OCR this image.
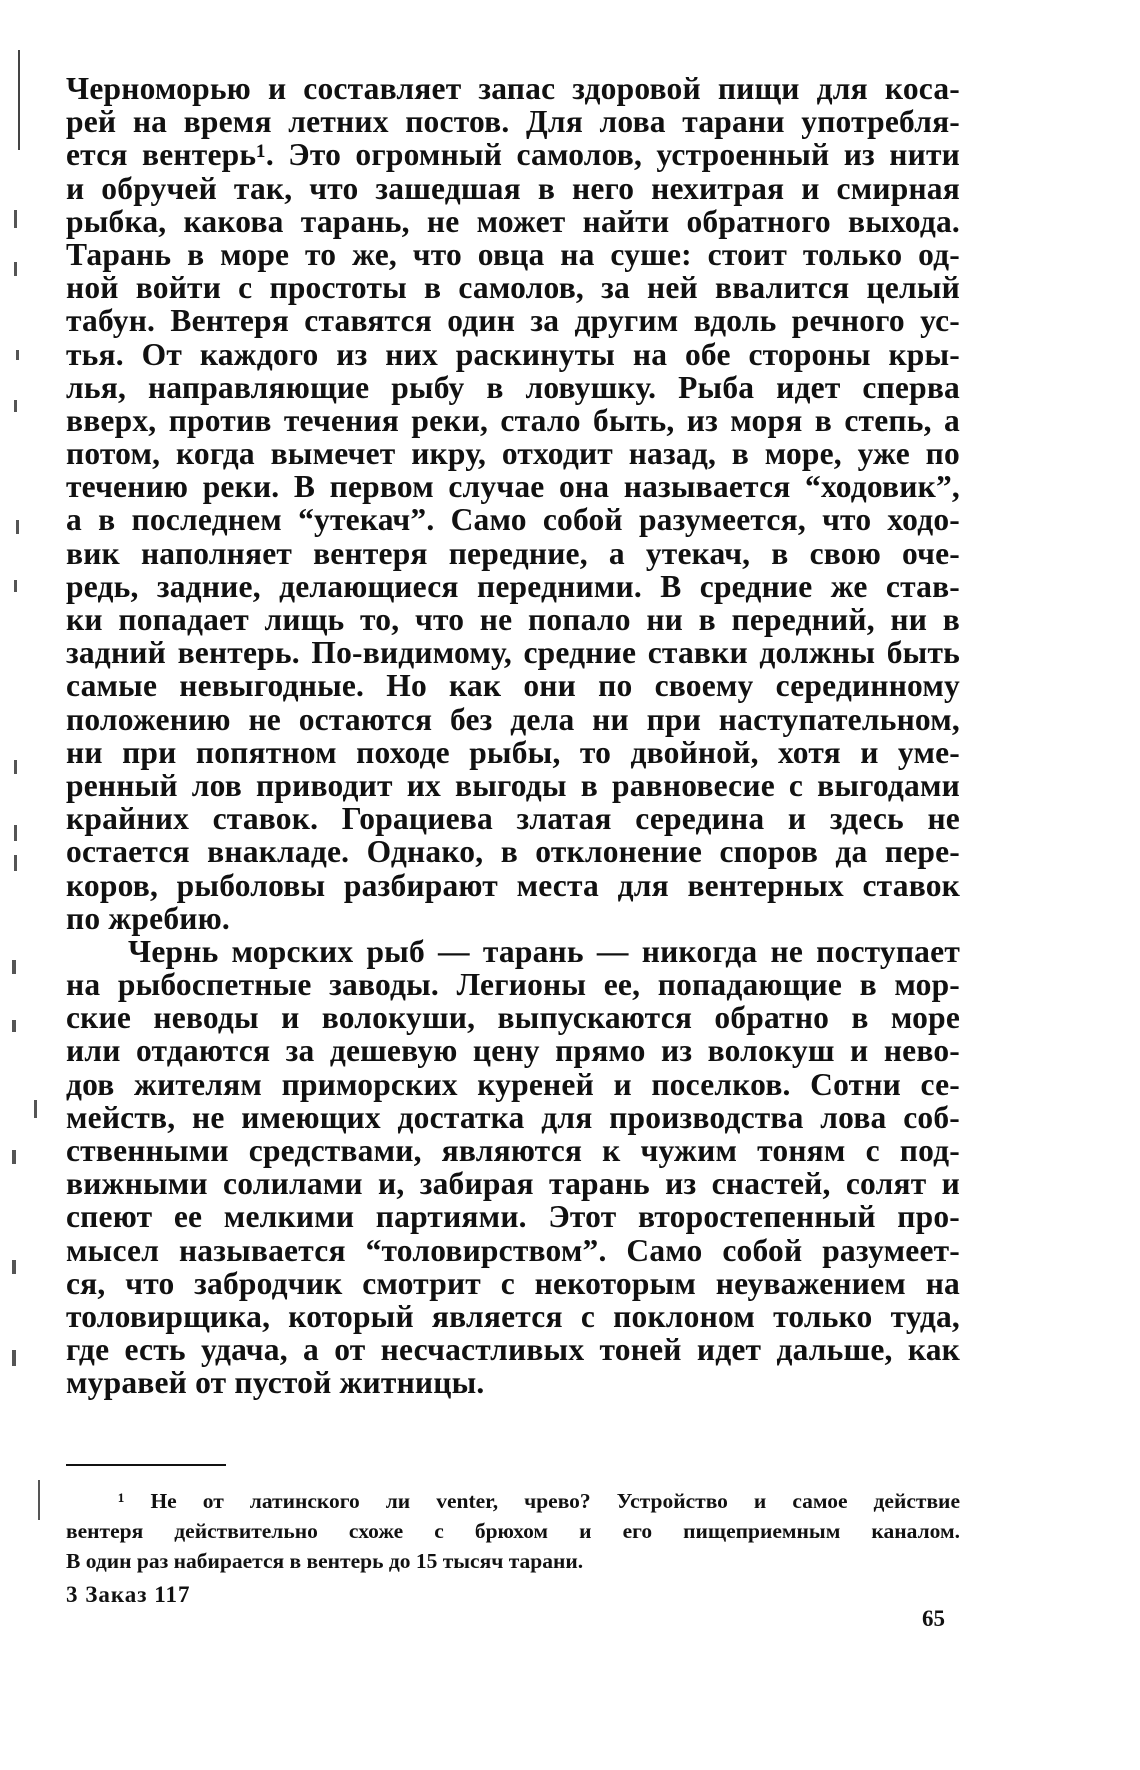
Черноморью и составляет запас здоровой пищи для коса-
рей на время летних постов. Для лова тарани употребля-
ется вентерь¹. Это огромный самолов, устроенный из нити
и обручей так, что зашедшая в него нехитрая и смирная
рыбка, какова тарань, не может найти обратного выхода.
Тарань в море то же, что овца на суше: стоит только од-
ной войти с простоты в самолов, за ней ввалится целый
табун. Вентеря ставятся один за другим вдоль речного ус-
тья. От каждого из них раскинуты на обе стороны кры-
лья, направляющие рыбу в ловушку. Рыба идет сперва
вверх, против течения реки, стало быть, из моря в степь, а
потом, когда вымечет икру, отходит назад, в море, уже по
течению реки. В первом случае она называется “ходовик”,
а в последнем “утекач”. Само собой разумеется, что ходо-
вик наполняет вентеря передние, а утекач, в свою оче-
редь, задние, делающиеся передними. В средние же став-
ки попадает лищь то, что не попало ни в передний, ни в
задний вентерь. По-видимому, средние ставки должны быть
самые невыгодные. Но как они по своему серединному
положению не остаются без дела ни при наступательном,
ни при попятном походе рыбы, то двойной, хотя и уме-
ренный лов приводит их выгоды в равновесие с выгодами
крайних ставок. Горациева златая середина и здесь не
остается внакладе. Однако, в отклонение споров да пере-
коров, рыболовы разбирают места для вентерных ставок
по жребию.
Чернь морских рыб — тарань — никогда не поступает
на рыбоспетные заводы. Легионы ее, попадающие в мор-
ские неводы и волокуши, выпускаются обратно в море
или отдаются за дешевую цену прямо из волокуш и нево-
дов жителям приморских куреней и поселков. Сотни се-
мейств, не имеющих достатка для производства лова соб-
ственными средствами, являются к чужим тоням с под-
вижными солилами и, забирая тарань из снастей, солят и
спеют ее мелкими партиями. Этот второстепенный про-
мысел называется “толовирством”. Само собой разумеет-
ся, что забродчик смотрит с некоторым неуважением на
толовирщика, который является с поклоном только туда,
где есть удача, а от несчастливых тоней идет дальше, как
муравей от пустой житницы.
¹ Не от латинского ли venter, чрево? Устройство и самое действие
вентеря действительно схоже с брюхом и его пищеприемным каналом.
В один раз набирается в вентерь до 15 тысяч тарани.
3 Заказ 117
65
